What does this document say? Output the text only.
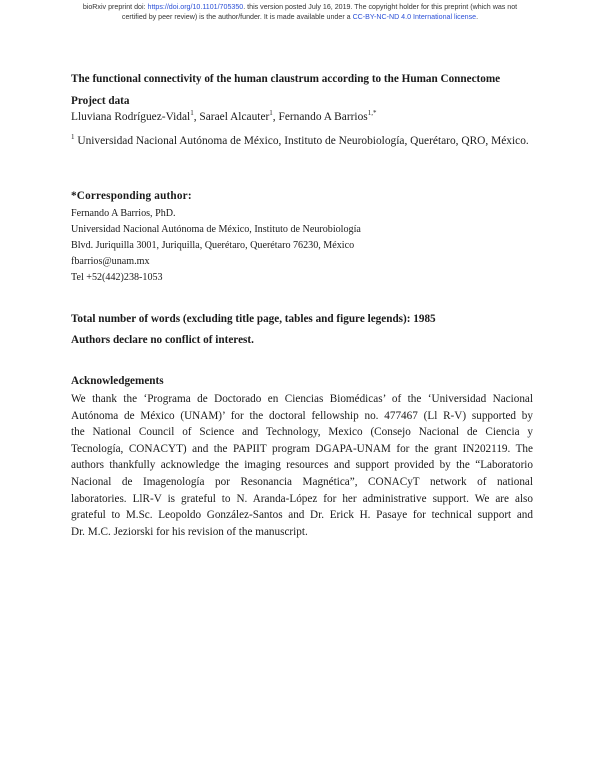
bioRxiv preprint doi: https://doi.org/10.1101/705350. this version posted July 16, 2019. The copyright holder for this preprint (which was not
certified by peer review) is the author/funder. It is made available under a CC-BY-NC-ND 4.0 International license.
The functional connectivity of the human claustrum according to the Human Connectome Project data
Lluviana Rodríguez-Vidal$^1$, Sarael Alcauter$^1$, Fernando A Barrios$^{1,*}$
$^1$ Universidad Nacional Autónoma de México, Instituto de Neurobiología, Querétaro, QRO, México.
*Corresponding author:
Fernando A Barrios, PhD.
Universidad Nacional Autónoma de México, Instituto de Neurobiología
Blvd. Juriquilla 3001, Juriquilla, Querétaro, Querétaro 76230, México
fbarrios@unam.mx
Tel +52(442)238-1053
Total number of words (excluding title page, tables and figure legends): 1985
Authors declare no conflict of interest.
Acknowledgements
We thank the ‘Programa de Doctorado en Ciencias Biomédicas’ of the ‘Universidad Nacional
Autónoma de México (UNAM)’ for the doctoral fellowship no. 477467 (Ll R-V) supported by
the National Council of Science and Technology, Mexico (Consejo Nacional de Ciencia y
Tecnología, CONACYT) and the PAPIIT program DGAPA-UNAM for the grant IN202119. The
authors thankfully acknowledge the imaging resources and support provided by the “Laboratorio
Nacional de Imagenología por Resonancia Magnética”, CONACyT network of national
laboratories. LlR-V is grateful to N. Aranda-López for her administrative support. We are also
grateful to M.Sc. Leopoldo González-Santos and Dr. Erick H. Pasaye for technical support and
Dr. M.C. Jeziorski for his revision of the manuscript.
